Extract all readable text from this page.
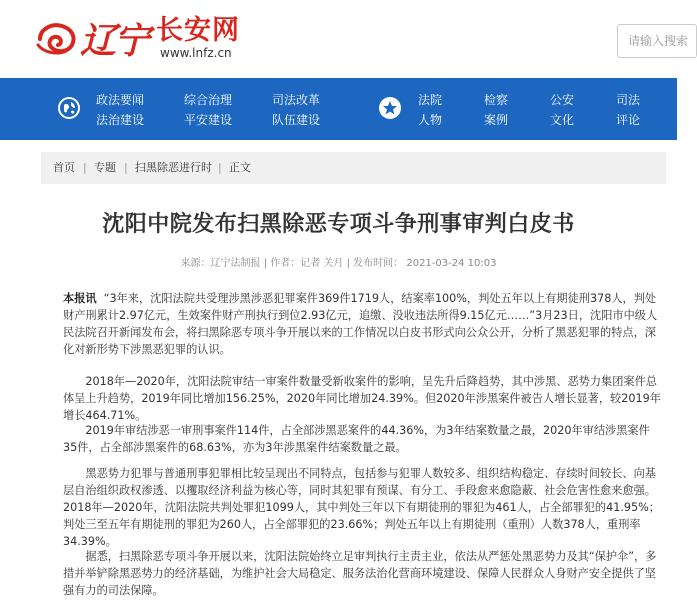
辽宁 长安网
www.lnfz.cn
请输入搜索
政法要闻
法治建设
综合治理
平安建设
司法改革
队伍建设
法院
人物
检察
案例
公安
文化
司法
评论
首页 | 专题 | 扫黑除恶进行时 | 正文
沈阳中院发布扫黑除恶专项斗争刑事审判白皮书
来源：辽宁法制报 | 作者：记者 关月 | 发布时间： 2021-03-24 10:03

本报讯 “3年来，沈阳法院共受理涉黑涉恶犯罪案件369件1719人，结案率100%，判处五年以上有期徒刑378人，判处财产刑累计2.97亿元，生效案件财产刑执行到位2.93亿元，追缴、没收违法所得9.15亿元……”3月23日，沈阳市中级人民法院召开新闻发布会，将扫黑除恶专项斗争开展以来的工作情况以白皮书形式向公众公开，分析了黑恶犯罪的特点，深化对新形势下涉黑恶犯罪的认识。

2018年—2020年，沈阳法院审结一审案件数量受新收案件的影响，呈先升后降趋势，其中涉黑、恶势力集团案件总体呈上升趋势，2019年同比增加156.25%，2020年同比增加24.39%。但2020年涉黑案件被告人增长显著，较2019年增长464.71%。

2019年审结涉恶一审刑事案件114件，占全部涉黑恶案件的44.36%，为3年结案数量之最，2020年审结涉黑案件35件，占全部涉黑案件的68.63%，亦为3年涉黑案件结案数量之最。

黑恶势力犯罪与普通刑事犯罪相比较呈现出不同特点，包括参与犯罪人数较多、组织结构稳定、存续时间较长、向基层自治组织政权渗透、以攫取经济利益为核心等，同时其犯罪有预谋、有分工、手段愈来愈隐蔽、社会危害性愈来愈强。2018年—2020年，沈阳法院共判处罪犯1099人，其中判处三年以下有期徒刑的罪犯为461人，占全部罪犯的41.95%；判处三至五年有期徒刑的罪犯为260人，占全部罪犯的23.66%；判处五年以上有期徒刑（重刑）人数378人，重刑率34.39%。

据悉，扫黑除恶专项斗争开展以来，沈阳法院始终立足审判执行主责主业，依法从严惩处黑恶势力及其“保护伞”，多措并举铲除黑恶势力的经济基础，为维护社会大局稳定、服务法治化营商环境建设、保障人民群众人身财产安全提供了坚强有力的司法保障。
